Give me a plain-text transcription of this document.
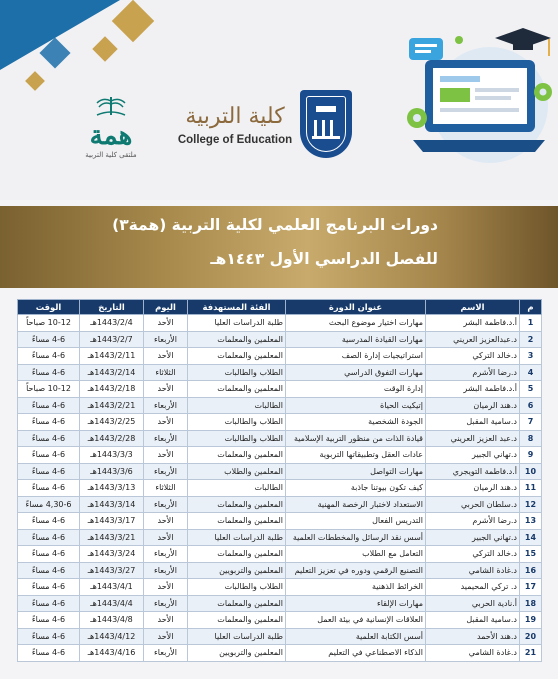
همة
ملتقى كلية التربية
كلية التربية
College of Education
دورات البرنامج العلمي لكلية التربية (همة٣)
للفصل الدراسي الأول ١٤٤٣هـ
م	الاسم	عنوان الدورة	الفئة المستهدفة	اليوم	التاريخ	الوقت
1	أ.د.فاطمة البشر	مهارات اختيار موضوع البحث	طلبة الدراسات العليا	الأحد	1443/2/4هـ	10-12 صباحاً
2	د.عبدالعزيز العريني	مهارات القيادة المدرسية	المعلمين والمعلمات	الأربعاء	1443/2/7هـ	4-6 مساءً
3	د.خالد التركي	استراتيجيات إدارة الصف	المعلمين والمعلمات	الأحد	1443/2/11هـ	4-6 مساءً
4	د.رضا الأشرم	مهارات التفوق الدراسي	الطلاب والطالبات	الثلاثاء	1443/2/14هـ	4-6 مساءً
5	أ.د.فاطمة البشر	إدارة الوقت	المعلمين والمعلمات	الأحد	1443/2/18هـ	10-12 صباحاً
6	د.هند الرميان	إتيكيت الحياة	الطالبات	الأربعاء	1443/2/21هـ	4-6 مساءً
7	د.سامية المقبل	الجودة الشخصية	الطلاب والطالبات	الأحد	1443/2/25هـ	4-6 مساءً
8	د.عبد العزيز العريني	قيادة الذات من منظور التربية الإسلامية	الطلاب والطالبات	الأربعاء	1443/2/28هـ	4-6 مساءً
9	د.تهاني الجبير	عادات العقل وتطبيقاتها التربوية	المعلمين والمعلمات	الأحد	1443/3/3هـ	4-6 مساءً
10	أ.د.فاطمة التويجري	مهارات التواصل	المعلمين والطلاب	الأربعاء	1443/3/6هـ	4-6 مساءً
11	د.هند الرميان	كيف تكون بيوتنا جاذبة	الطالبات	الثلاثاء	1443/3/13هـ	4-6 مساءً
12	د.سلطان الحربي	الاستعداد لاختبار الرخصة المهنية	المعلمين والمعلمات	الأربعاء	1443/3/14هـ	4,30-6 مساءً
13	د.رضا الأشرم	التدريس الفعال	المعلمين والمعلمات	الأحد	1443/3/17هـ	4-6 مساءً
14	د.تهاني الجبير	أسس نقد الرسائل والمخططات العلمية	طلبة الدراسات العليا	الأحد	1443/3/21هـ	4-6 مساءً
15	د.خالد التركي	التعامل مع الطلاب	المعلمين والمعلمات	الأربعاء	1443/3/24هـ	4-6 مساءً
16	د.غادة الشامي	التصنيع الرقمي ودوره في تعزيز التعليم	المعلمين والتربويين	الأربعاء	1443/3/27هـ	4-6 مساءً
17	د. تركي المحيميد	الخرائط الذهنية	الطلاب والطالبات	الأحد	1443/4/1هـ	4-6 مساءً
18	أ.نادية الحربي	مهارات الإلقاء	المعلمين والمعلمات	الأربعاء	1443/4/4هـ	4-6 مساءً
19	د.سامية المقبل	العلاقات الإنسانية في بيئة العمل	المعلمين والمعلمات	الأحد	1443/4/8هـ	4-6 مساءً
20	د.هند الأحمد	أسس الكتابة العلمية	طلبة الدراسات العليا	الأحد	1443/4/12هـ	4-6 مساءً
21	د.غادة الشامي	الذكاء الاصطناعي في التعليم	المعلمين والتربويين	الأربعاء	1443/4/16هـ	4-6 مساءً
